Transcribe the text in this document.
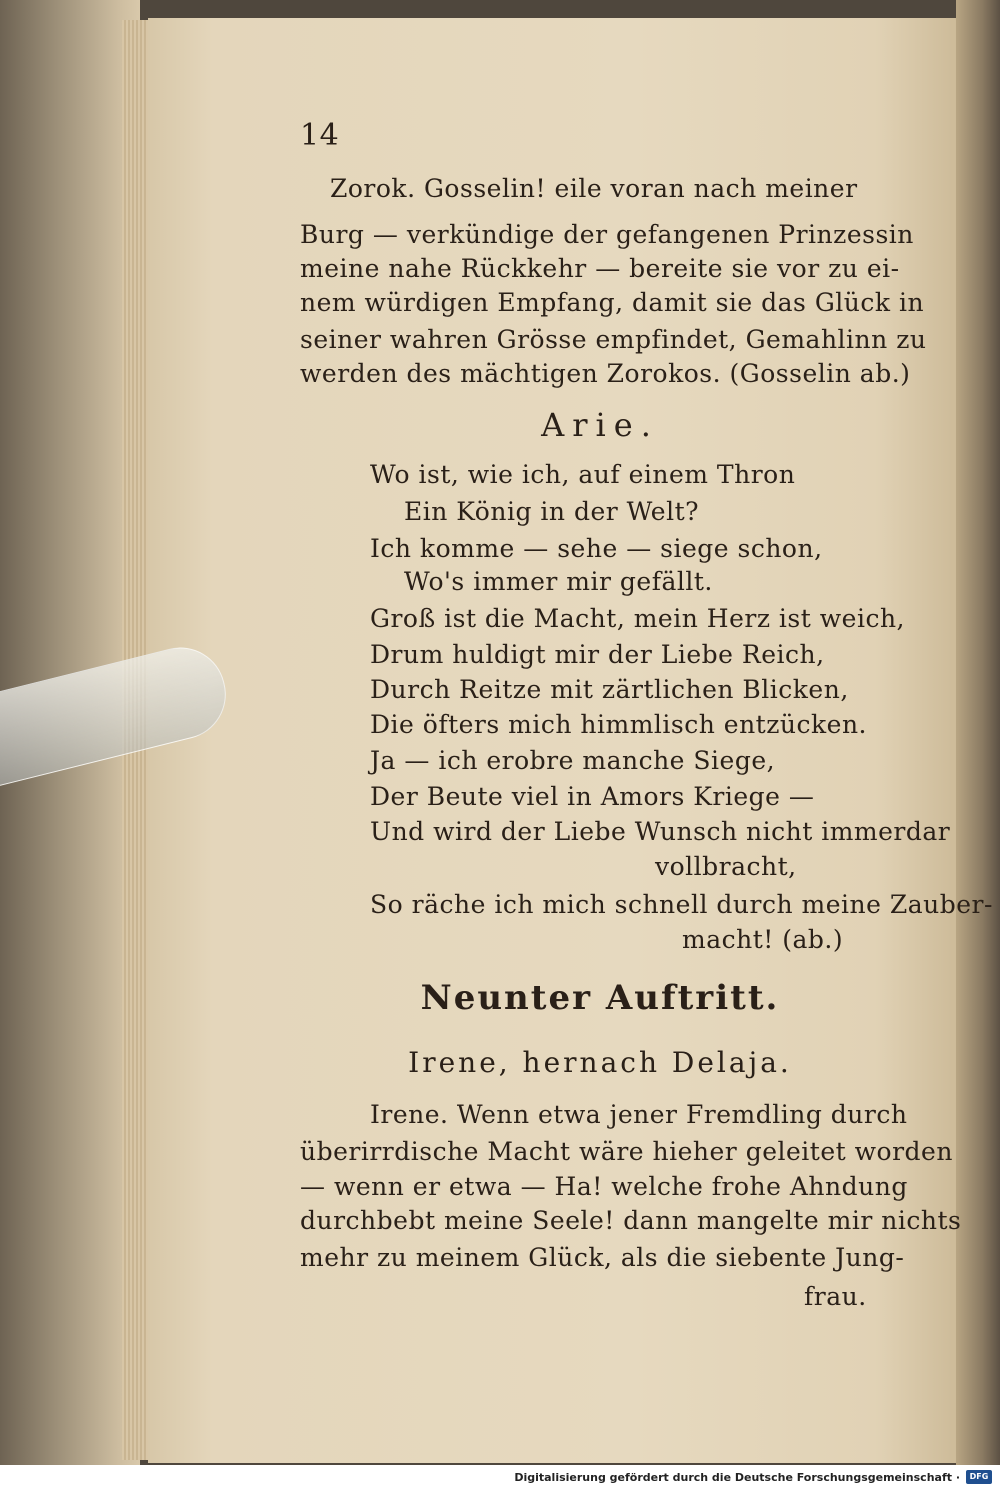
14
Zorok. Gosselin! eile voran nach meiner
Burg — verkündige der gefangenen Prinzessin
meine nahe Rückkehr — bereite sie vor zu ei-
nem würdigen Empfang, damit sie das Glück in
seiner wahren Grösse empfindet, Gemahlinn zu
werden des mächtigen Zorokos. (Gosselin ab.)
Arie.
Wo ist, wie ich, auf einem Thron
Ein König in der Welt?
Ich komme — sehe — siege schon,
Wo's immer mir gefällt.
Groß ist die Macht, mein Herz ist weich,
Drum huldigt mir der Liebe Reich,
Durch Reitze mit zärtlichen Blicken,
Die öfters mich himmlisch entzücken.
Ja — ich erobre manche Siege,
Der Beute viel in Amors Kriege —
Und wird der Liebe Wunsch nicht immerdar
vollbracht,
So räche ich mich schnell durch meine Zauber-
macht! (ab.)
Neunter Auftritt.
Irene, hernach Delaja.
Irene. Wenn etwa jener Fremdling durch
überirrdische Macht wäre hieher geleitet worden
— wenn er etwa — Ha! welche frohe Ahndung
durchbebt meine Seele! dann mangelte mir nichts
mehr zu meinem Glück, als die siebente Jung-
frau.
Digitalisierung gefördert durch die Deutsche Forschungsgemeinschaft ·	DFG
